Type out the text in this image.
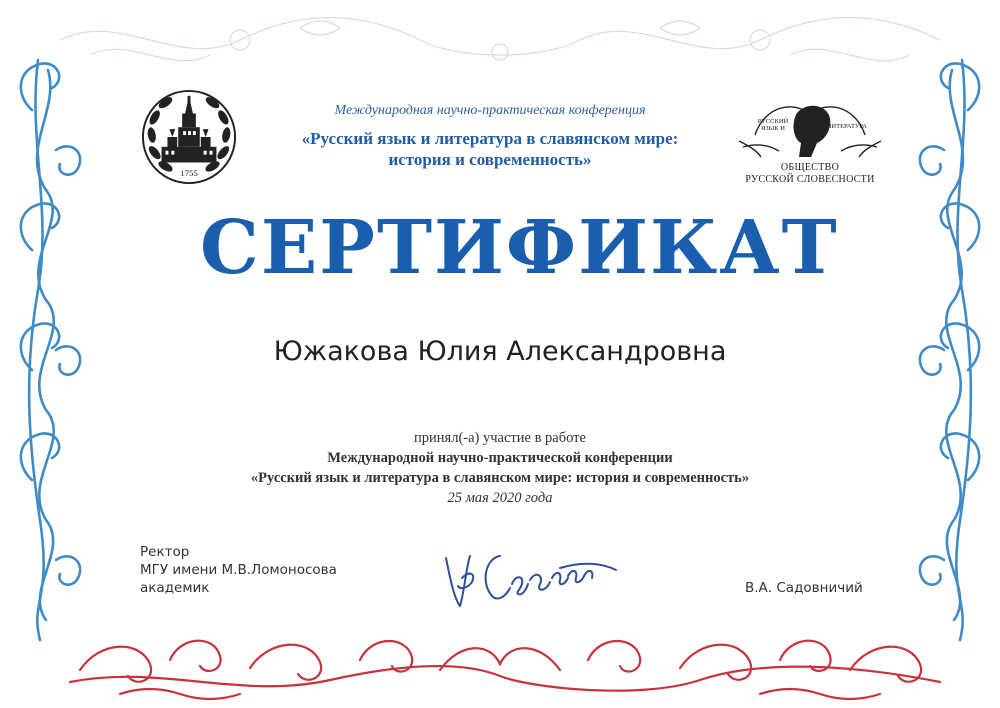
1755
РУССКИЙ
ЯЗЫК И	ЛИТЕРАТУРА
ОБЩЕСТВО
РУССКОЙ СЛОВЕСНОСТИ
Международная научно-практическая конференция
«Русский язык и литература в славянском мире:
история и современность»
СЕРТИФИКАТ
Южакова Юлия Александровна
принял(-а) участие в работе
Международной научно-практической конференции
«Русский язык и литература в славянском мире: история и современность»
25 мая 2020 года
Ректор
МГУ имени М.В.Ломоносова
академик	В.А. Садовничий
